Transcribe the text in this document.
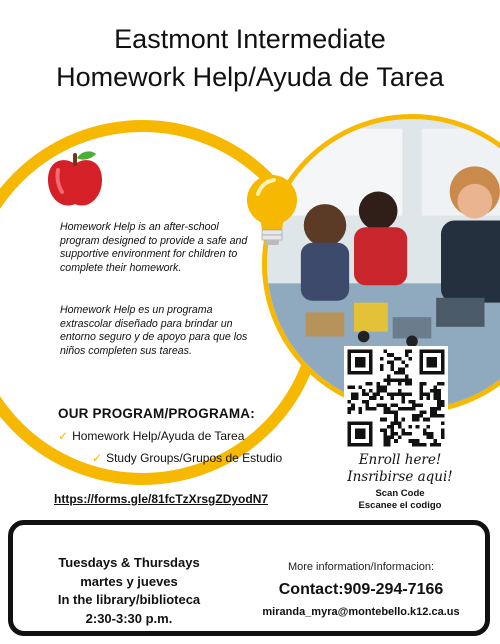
Eastmont Intermediate
Homework Help/Ayuda de Tarea

Homework Help is an after-school program designed to provide a safe and supportive environment for children to complete their homework.

Homework Help es un programa extrascolar diseñado para brindar un entorno seguro y de apoyo para que los niños completen sus tareas.

OUR PROGRAM/PROGRAMA:
✓ Homework Help/Ayuda de Tarea
✓ Study Groups/Grupos de Estudio
https://forms.gle/81fcTzXrsgZDyodN7
Enroll here!
Insribirse aqui!
Scan Code
Escanee el codigo
Tuesdays & Thursdays
martes y jueves
In the library/biblioteca
2:30-3:30 p.m.
More information/Informacion:
Contact:909-294-7166
miranda_myra@montebello.k12.ca.us
